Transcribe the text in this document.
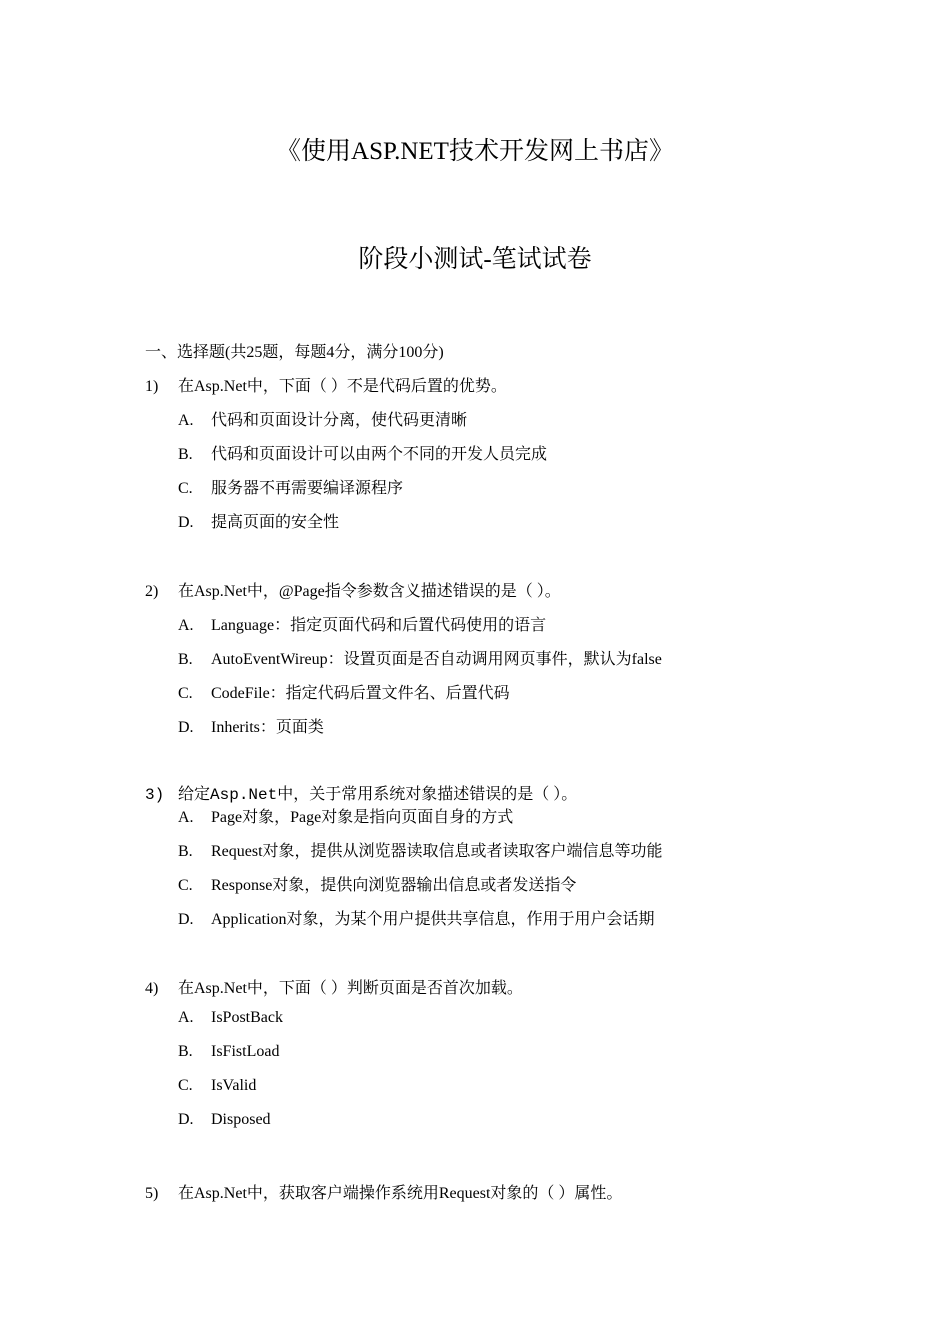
《使用ASP.NET技术开发网上书店》
阶段小测试-笔试试卷
一、选择题(共25题，每题4分，满分100分)
1) 在Asp.Net中，下面（ ）不是代码后置的优势。
A. 代码和页面设计分离，使代码更清晰
B. 代码和页面设计可以由两个不同的开发人员完成
C. 服务器不再需要编译源程序
D. 提高页面的安全性
2) 在Asp.Net中，@Page指令参数含义描述错误的是（ ）。
A. Language：指定页面代码和后置代码使用的语言
B. AutoEventWireup：设置页面是否自动调用网页事件，默认为false
C. CodeFile：指定代码后置文件名、后置代码
D. Inherits：页面类
3) 给定Asp.Net中，关于常用系统对象描述错误的是（ ）。
A. Page对象，Page对象是指向页面自身的方式
B. Request对象，提供从浏览器读取信息或者读取客户端信息等功能
C. Response对象，提供向浏览器输出信息或者发送指令
D. Application对象，为某个用户提供共享信息，作用于用户会话期
4) 在Asp.Net中，下面（ ）判断页面是否首次加载。
A. IsPostBack
B. IsFistLoad
C. IsValid
D. Disposed
5) 在Asp.Net中，获取客户端操作系统用Request对象的（ ）属性。
